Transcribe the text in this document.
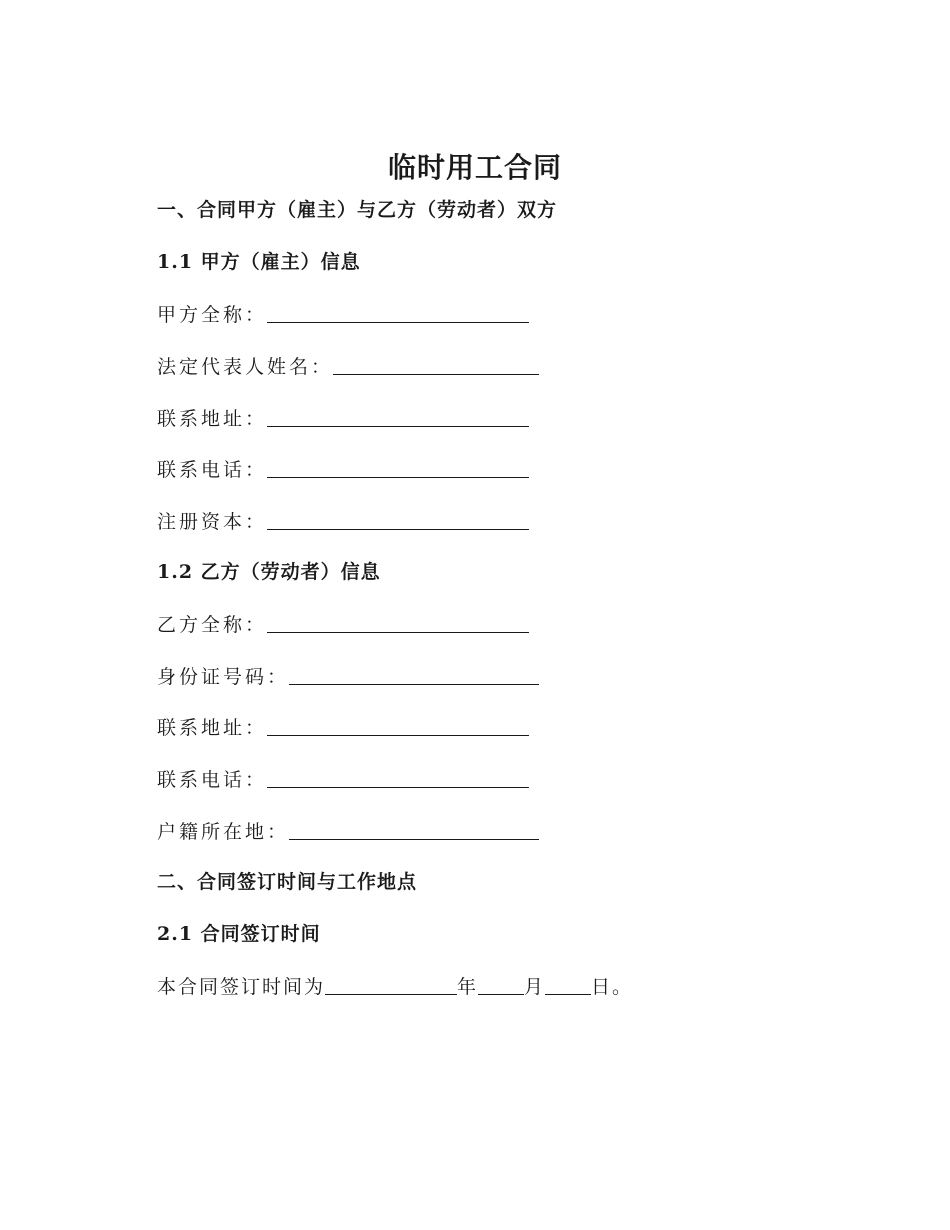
临时用工合同

一、合同甲方（雇主）与乙方（劳动者）双方

1.1 甲方（雇主）信息

甲方全称：
法定代表人姓名：
联系地址：
联系电话：
注册资本：

1.2 乙方（劳动者）信息

乙方全称：
身份证号码：
联系地址：
联系电话：
户籍所在地：

二、合同签订时间与工作地点

2.1 合同签订时间

本合同签订时间为	年 月 日。
